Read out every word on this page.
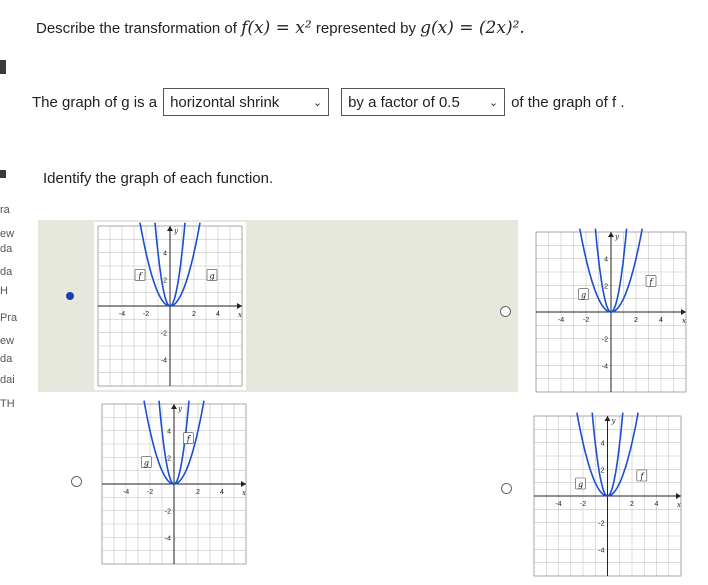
ra
ew
da
da
H
Pra
ew
da
dai
TH
Describe the transformation of f(x) = x² represented by g(x) = (2x)².
The graph of g is a horizontal shrink	⌄ by a factor of 0.5	⌄ of the graph of f .
Identify the graph of each function.
-4	-2	2	4
4
2
-2
-4
x
y
f	g
-4	-2	2	4
4
2
-2
-4
x
y
f
g
-4	-2	2	4
4
2
-2
-4
x
y
f
g
-4	-2	2	4
4
2
-2
-4
x
y
f
g
